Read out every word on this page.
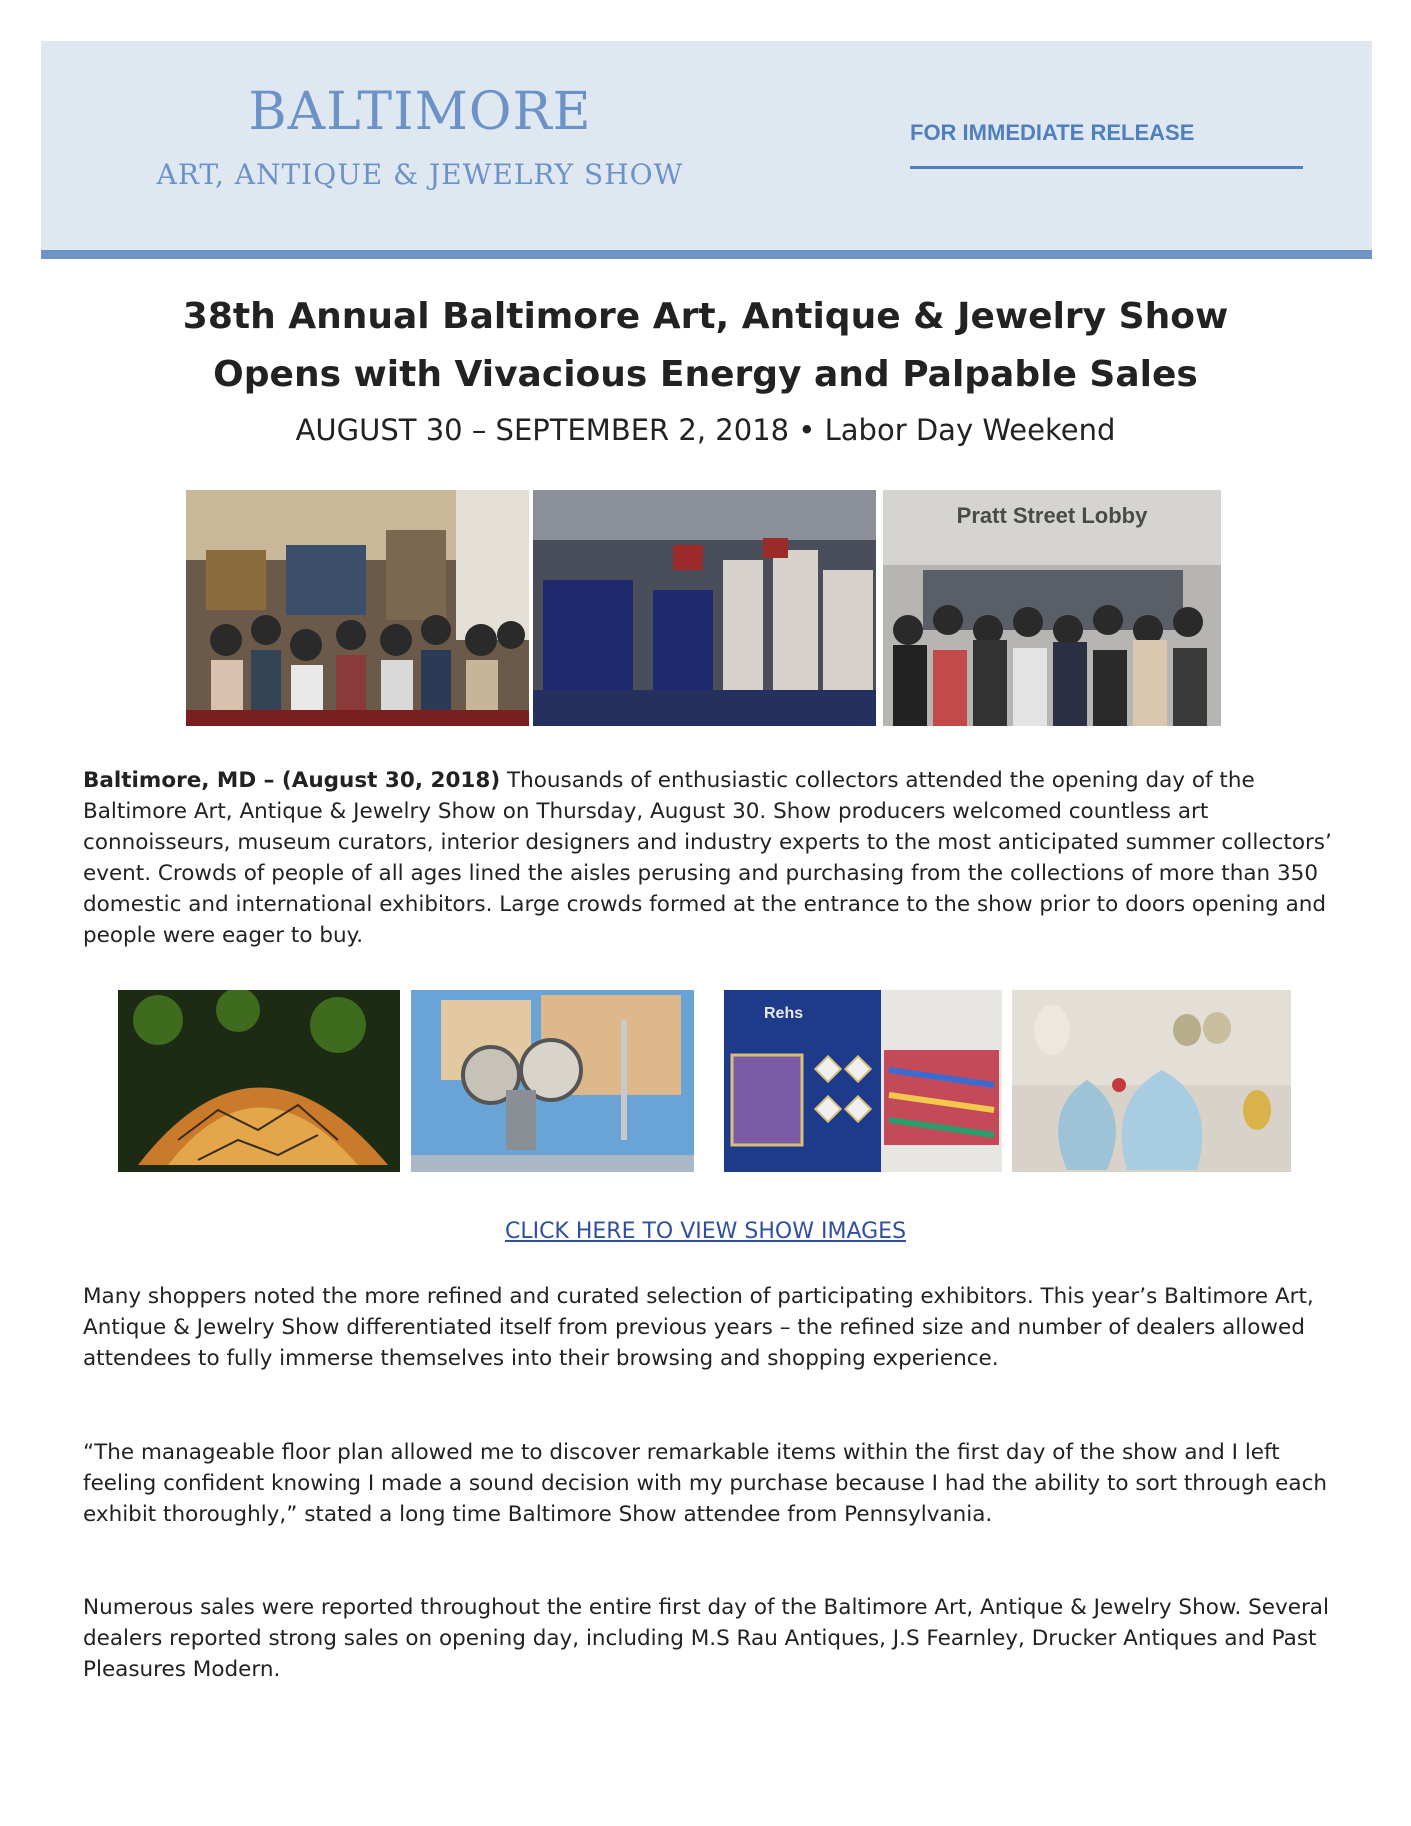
BALTIMORE
ART, ANTIQUE & JEWELRY SHOW
FOR IMMEDIATE RELEASE
38th Annual Baltimore Art, Antique & Jewelry Show
Opens with Vivacious Energy and Palpable Sales
AUGUST 30 – SEPTEMBER 2, 2018 • Labor Day Weekend
Pratt Street Lobby

Baltimore, MD – (August 30, 2018) Thousands of enthusiastic collectors attended the opening day of the Baltimore Art, Antique & Jewelry Show on Thursday, August 30. Show producers welcomed countless art connoisseurs, museum curators, interior designers and industry experts to the most anticipated summer collectors’ event. Crowds of people of all ages lined the aisles perusing and purchasing from the collections of more than 350 domestic and international exhibitors. Large crowds formed at the entrance to the show prior to doors opening and people were eager to buy.

Rehs
CLICK HERE TO VIEW SHOW IMAGES

Many shoppers noted the more refined and curated selection of participating exhibitors. This year’s Baltimore Art, Antique & Jewelry Show differentiated itself from previous years – the refined size and number of dealers allowed attendees to fully immerse themselves into their browsing and shopping experience.

“The manageable floor plan allowed me to discover remarkable items within the first day of the show and I left feeling confident knowing I made a sound decision with my purchase because I had the ability to sort through each exhibit thoroughly,” stated a long time Baltimore Show attendee from Pennsylvania.

Numerous sales were reported throughout the entire first day of the Baltimore Art, Antique & Jewelry Show. Several dealers reported strong sales on opening day, including M.S Rau Antiques, J.S Fearnley, Drucker Antiques and Past Pleasures Modern.
